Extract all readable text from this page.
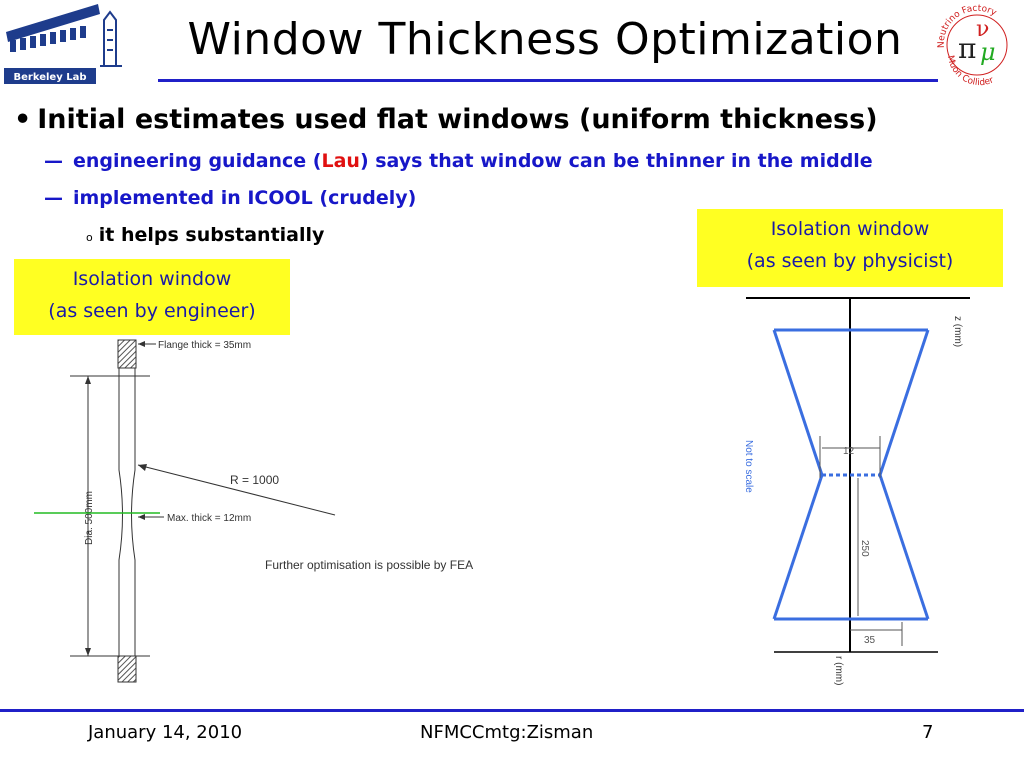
Berkeley Lab
Neutrino Factory
Muon Collider
π
ν
μ
Window Thickness Optimization
• Initial estimates used flat windows (uniform thickness)
— engineering guidance (Lau) says that window can be thinner in the middle
— implemented in ICOOL (crudely)
o it helps substantially
Isolation window
(as seen by engineer)
Isolation window
(as seen by physicist)
Dia. 500mm
Flange thick = 35mm
R = 1000
Max. thick = 12mm
Further optimisation is possible by FEA
12
250
35
z (mm)
r (mm)
Not to scale
January 14, 2010	NFMCCmtg:Zisman	7
